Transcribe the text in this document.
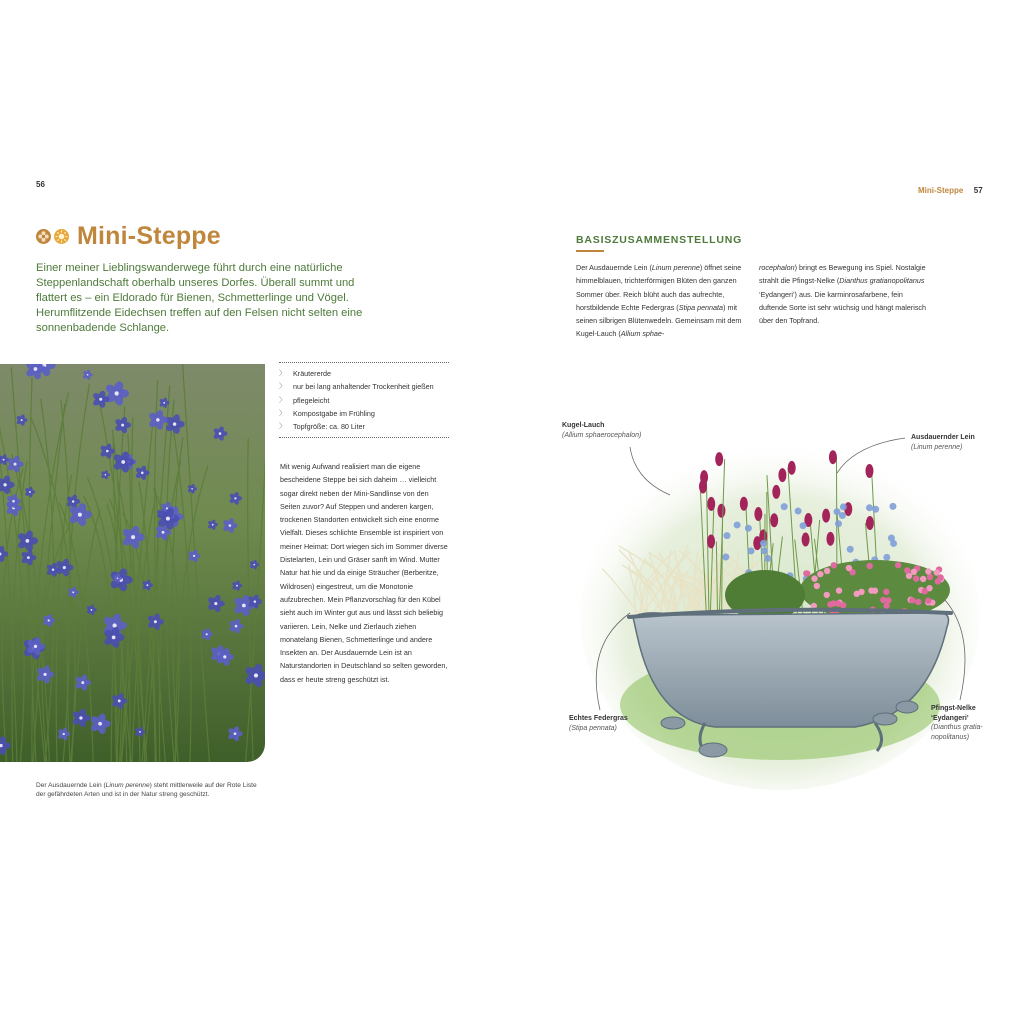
56
Mini-Steppe
Einer meiner Lieblingswanderwege führt durch eine natürliche Steppenlandschaft oberhalb unseres Dorfes. Überall summt und flattert es – ein Eldorado für Bienen, Schmetterlinge und Vögel. Herumflitzende Eidechsen treffen auf den Felsen nicht selten eine sonnenbadende Schlange.
Der Ausdauernde Lein (Linum perenne) steht mittlerweile auf der Rote Liste der gefährdeten Arten und ist in der Natur streng geschützt.
〉 Kräutererde
〉 nur bei lang anhaltender Trockenheit gießen
〉 pflegeleicht
〉 Kompostgabe im Frühling
〉 Topfgröße: ca. 80 Liter
Mit wenig Aufwand realisiert man die eigene bescheidene Steppe bei sich daheim … vielleicht sogar direkt neben der Mini-Sandlinse von den Seiten zuvor? Auf Steppen und anderen kargen, trockenen Standorten entwickelt sich eine enorme Vielfalt. Dieses schlichte Ensemble ist inspiriert von meiner Heimat: Dort wiegen sich im Sommer diverse Distelarten, Lein und Gräser sanft im Wind. Mutter Natur hat hie und da einige Sträucher (Berberitze, Wildrosen) eingestreut, um die Monotonie aufzubrechen. Mein Pflanzvorschlag für den Kübel sieht auch im Winter gut aus und lässt sich beliebig variieren. Lein, Nelke und Zierlauch ziehen monatelang Bienen, Schmetterlinge und andere Insekten an. Der Ausdauernde Lein ist an Naturstandorten in Deutschland so selten geworden, dass er heute streng geschützt ist.
Mini-Steppe 57
BASISZUSAMMENSTELLUNG
Der Ausdauernde Lein (Linum perenne) öffnet seine himmelblauen, trichterförmigen Blüten den ganzen Sommer über. Reich blüht auch das aufrechte, horstbildende Echte Federgras (Stipa pennata) mit seinen silbrigen Blütenwedeln. Gemeinsam mit dem Kugel-Lauch (Allium sphae-
rocephalon) bringt es Bewegung ins Spiel. Nostalgie strahlt die Pfingst-Nelke (Dianthus gratianopolitanus ‘Eydangeri’) aus. Die karminrosafarbene, fein duftende Sorte ist sehr wüchsig und hängt malerisch über den Topfrand.
Kugel-Lauch
(Allium sphaerocephalon)	Ausdauernder Lein
(Linum perenne)
Echtes Federgras
(Stipa pennata)
Pfingst-Nelke
‘Eydangeri’
(Dianthus gratia-
nopolitanus)
